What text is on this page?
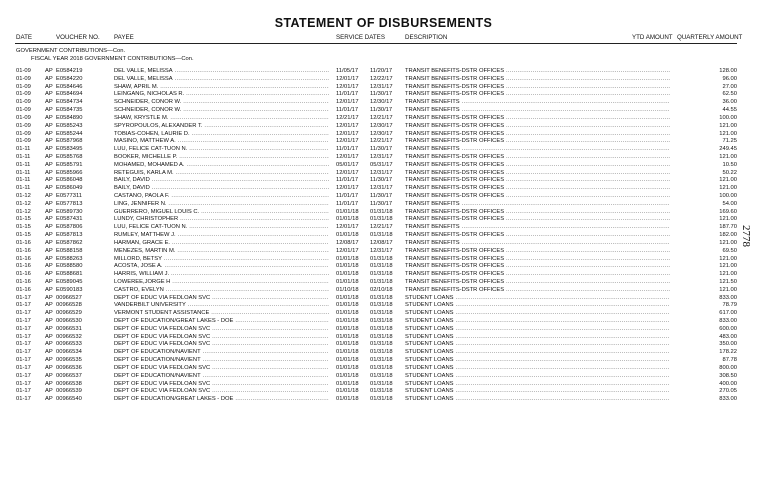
STATEMENT OF DISBURSEMENTS
DATE	VOUCHER NO. PAYEE	SERVICE DATES	DESCRIPTION	YTD AMOUNT QUARTERLY AMOUNT
GOVERNMENT CONTRIBUTIONS—Con.
FISCAL YEAR 2018 GOVERNMENT CONTRIBUTIONS—Con.
01-09 AP E0584219	DEL VALLE, MELISSA .....	11/05/17 11/20/17 TRANSIT BENEFITS-DSTR OFFICES .....	128.00
01-09 AP E0584220	DEL VALLE, MELISSA .....	12/01/17 12/22/17 TRANSIT BENEFITS-DSTR OFFICES .....	96.00
01-09 AP E0584646	SHAW, APRIL M. .....	12/01/17 12/31/17 TRANSIT BENEFITS-DSTR OFFICES .....	27.00
01-09 AP E0584694	LEINGANG, NICHOLAS R. .....	11/01/17 11/30/17 TRANSIT BENEFITS-DSTR OFFICES .....	62.50
01-09 AP E0584734	SCHNEIDER, CONOR W. .....	12/01/17 12/30/17 TRANSIT BENEFITS .....	36.00
01-09 AP E0584735	SCHNEIDER, CONOR W. .....	11/01/17 11/30/17 TRANSIT BENEFITS .....	44.55
01-09 AP E0584890	SHAW, KRYSTLE M. .....	12/21/17 12/21/17 TRANSIT BENEFITS-DSTR OFFICES .....	100.00
01-09 AP E0585243	SPYROPOULOS, ALEXANDER T. .....	12/01/17 12/30/17 TRANSIT BENEFITS-DSTR OFFICES .....	121.00
01-09 AP E0585244	TOBIAS-COHEN, LAURIE D. .....	12/01/17 12/30/17 TRANSIT BENEFITS-DSTR OFFICES .....	121.00
01-09 AP E0587968	MASINO, MATTHEW A. .....	12/01/17 12/21/17 TRANSIT BENEFITS-DSTR OFFICES .....	71.25
01-11	AP E0583495	LUU, FELICE CAT-TUON N. .....	11/01/17 11/30/17 TRANSIT BENEFITS .....	249.45
01-11	AP E0585768	BOOKER, MICHELLE P. .....	12/01/17 12/31/17 TRANSIT BENEFITS-DSTR OFFICES .....	121.00
01-11	AP E0585791	MOHAMED, MOHAMED A. .....	05/01/17 05/31/17 TRANSIT BENEFITS-DSTR OFFICES .....	10.50
01-11	AP E0585966	RETEGUIS, KARLA M. .....	12/01/17 12/31/17 TRANSIT BENEFITS-DSTR OFFICES .....	50.22
01-11	AP E0586048	BAILY, DAVID .....	11/01/17 11/30/17 TRANSIT BENEFITS-DSTR OFFICES .....	121.00
01-11	AP E0586049	BAILY, DAVID .....	12/01/17 12/31/17 TRANSIT BENEFITS-DSTR OFFICES .....	121.00
01-12 AP E0577311	CASTANO, PAOLA F. .....	11/01/17 11/30/17 TRANSIT BENEFITS-DSTR OFFICES .....	100.00
01-12 AP E0577813	LING, JENNIFER N. .....	11/01/17 11/30/17 TRANSIT BENEFITS .....	54.00
01-12 AP E0589730	GUERRERO, MIGUEL LOUIS C. .....	01/01/18 01/31/18 TRANSIT BENEFITS-DSTR OFFICES .....	169.60
01-15 AP E0587431	LUNDY, CHRISTOPHER .....	01/01/18 01/31/18 TRANSIT BENEFITS-DSTR OFFICES .....	121.00
01-15 AP E0587806	LUU, FELICE CAT-TUON N. .....	12/01/17 12/21/17 TRANSIT BENEFITS .....	187.70
01-15 AP E0587813	RUMLEY, MATTHEW J. .....	01/01/18 01/31/18 TRANSIT BENEFITS-DSTR OFFICES .....	182.00
01-16 AP E0587862	HARMAN, GRACE E. .....	12/08/17 12/08/17 TRANSIT BENEFITS .....	121.00
01-16 AP E0588158	MENEZES, MARTIN M. .....	12/01/17 12/31/17 TRANSIT BENEFITS-DSTR OFFICES .....	69.50
01-16 AP E0588263	MILLORD, BETSY .....	01/01/18 01/31/18 TRANSIT BENEFITS-DSTR OFFICES .....	121.00
01-16 AP E0588580	ACOSTA, JOSE A. .....	01/01/18 01/31/18 TRANSIT BENEFITS-DSTR OFFICES .....	121.00
01-16 AP E0588681	HARRIS, WILLIAM J. .....	01/01/18 01/31/18 TRANSIT BENEFITS-DSTR OFFICES .....	121.00
01-16 AP E0589045	LOWEREE,JORGE H .....	01/01/18 01/31/18 TRANSIT BENEFITS-DSTR OFFICES .....	121.50
01-16 AP E0590183	CASTRO, EVELYN .....	01/10/18 02/10/18 TRANSIT BENEFITS-DSTR OFFICES .....	121.00
01-17 AP 00966527	DEPT OF EDUC VIA FEDLOAN SVC .....	01/01/18 01/31/18 STUDENT LOANS .....	833.00
01-17 AP 00966528	VANDERBILT UNIVERSITY .....	01/01/18 01/31/18 STUDENT LOANS .....	78.79
01-17 AP 00966529	VERMONT STUDENT ASSISTANCE .....	01/01/18 01/31/18 STUDENT LOANS .....	617.00
01-17 AP 00966530	DEPT OF EDUCATION/GREAT LAKES - DOE .....	01/01/18 01/31/18 STUDENT LOANS .....	833.00
01-17 AP 00966531	DEPT OF EDUC VIA FEDLOAN SVC .....	01/01/18 01/31/18 STUDENT LOANS .....	600.00
01-17 AP 00966532	DEPT OF EDUC VIA FEDLOAN SVC .....	01/01/18 01/31/18 STUDENT LOANS .....	483.00
01-17 AP 00966533	DEPT OF EDUC VIA FEDLOAN SVC .....	01/01/18 01/31/18 STUDENT LOANS .....	350.00
01-17 AP 00966534	DEPT OF EDUCATION/NAVIENT .....	01/01/18 01/31/18 STUDENT LOANS .....	178.22
01-17 AP 00966535	DEPT OF EDUCATION/NAVIENT .....	01/01/18 01/31/18 STUDENT LOANS .....	87.78
01-17 AP 00966536	DEPT OF EDUC VIA FEDLOAN SVC .....	01/01/18 01/31/18 STUDENT LOANS .....	800.00
01-17 AP 00966537	DEPT OF EDUCATION/NAVIENT .....	01/01/18 01/31/18 STUDENT LOANS .....	308.50
01-17 AP 00966538	DEPT OF EDUC VIA FEDLOAN SVC .....	01/01/18 01/31/18 STUDENT LOANS .....	400.00
01-17 AP 00966539	DEPT OF EDUC VIA FEDLOAN SVC .....	01/01/18 01/31/18 STUDENT LOANS .....	270.05
01-17 AP 00966540	DEPT OF EDUCATION/GREAT LAKES - DOE .....	01/01/18 01/31/18 STUDENT LOANS .....	833.00
2778
